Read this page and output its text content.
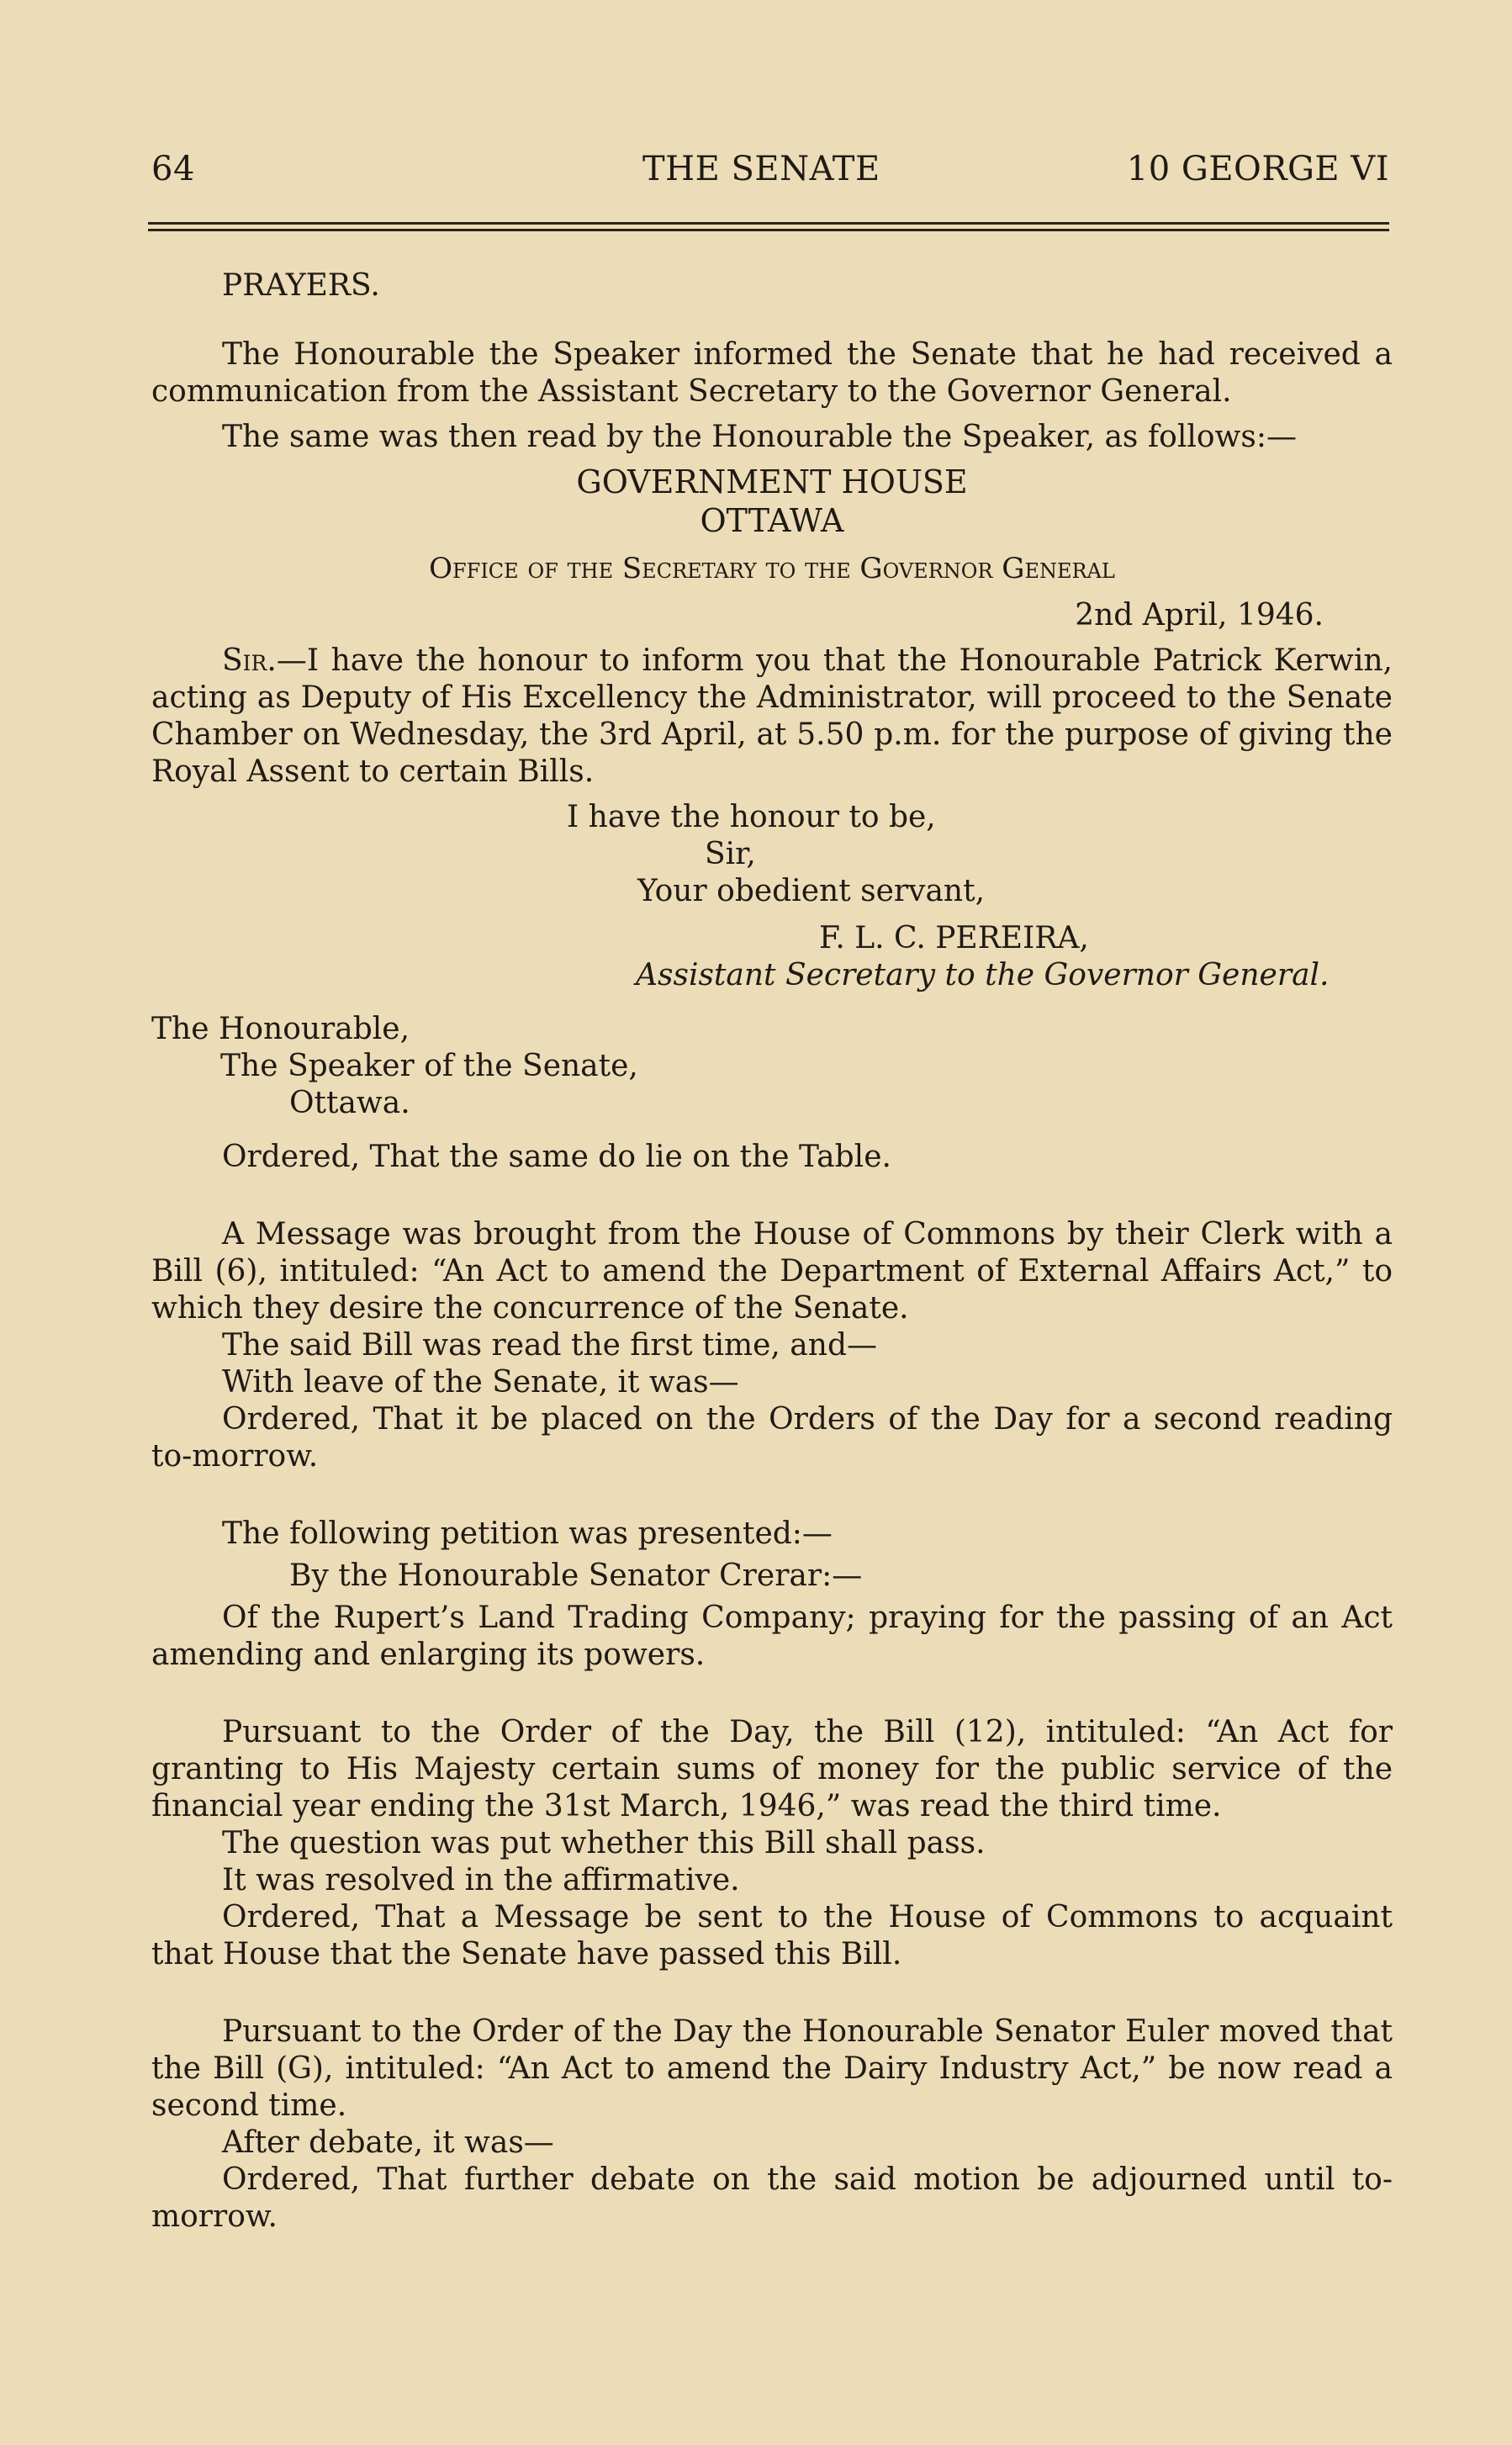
64	THE SENATE	10 GEORGE VI

PRAYERS.

The Honourable the Speaker informed the Senate that he had received a communication from the Assistant Secretary to the Governor General.

The same was then read by the Honourable the Speaker, as follows:—

GOVERNMENT HOUSE

OTTAWA

Office of the Secretary to the Governor General

2nd April, 1946.

Sir.—I have the honour to inform you that the Honourable Patrick Kerwin, acting as Deputy of His Excellency the Administrator, will proceed to the Senate Chamber on Wednesday, the 3rd April, at 5.50 p.m. for the purpose of giving the Royal Assent to certain Bills.

I have the honour to be,

Sir,

Your obedient servant,

F. L. C. PEREIRA,

Assistant Secretary to the Governor General.

The Honourable,

The Speaker of the Senate,

Ottawa.

Ordered, That the same do lie on the Table.

A Message was brought from the House of Commons by their Clerk with a Bill (6), intituled: “An Act to amend the Department of External Affairs Act,” to which they desire the concurrence of the Senate.

The said Bill was read the first time, and—

With leave of the Senate, it was—

Ordered, That it be placed on the Orders of the Day for a second reading to-morrow.

The following petition was presented:—

By the Honourable Senator Crerar:—

Of the Rupert’s Land Trading Company; praying for the passing of an Act amending and enlarging its powers.

Pursuant to the Order of the Day, the Bill (12), intituled: “An Act for granting to His Majesty certain sums of money for the public service of the financial year ending the 31st March, 1946,” was read the third time.

The question was put whether this Bill shall pass.

It was resolved in the affirmative.

Ordered, That a Message be sent to the House of Commons to acquaint that House that the Senate have passed this Bill.

Pursuant to the Order of the Day the Honourable Senator Euler moved that the Bill (G), intituled: “An Act to amend the Dairy Industry Act,” be now read a second time.

After debate, it was—

Ordered, That further debate on the said motion be adjourned until to-morrow.
